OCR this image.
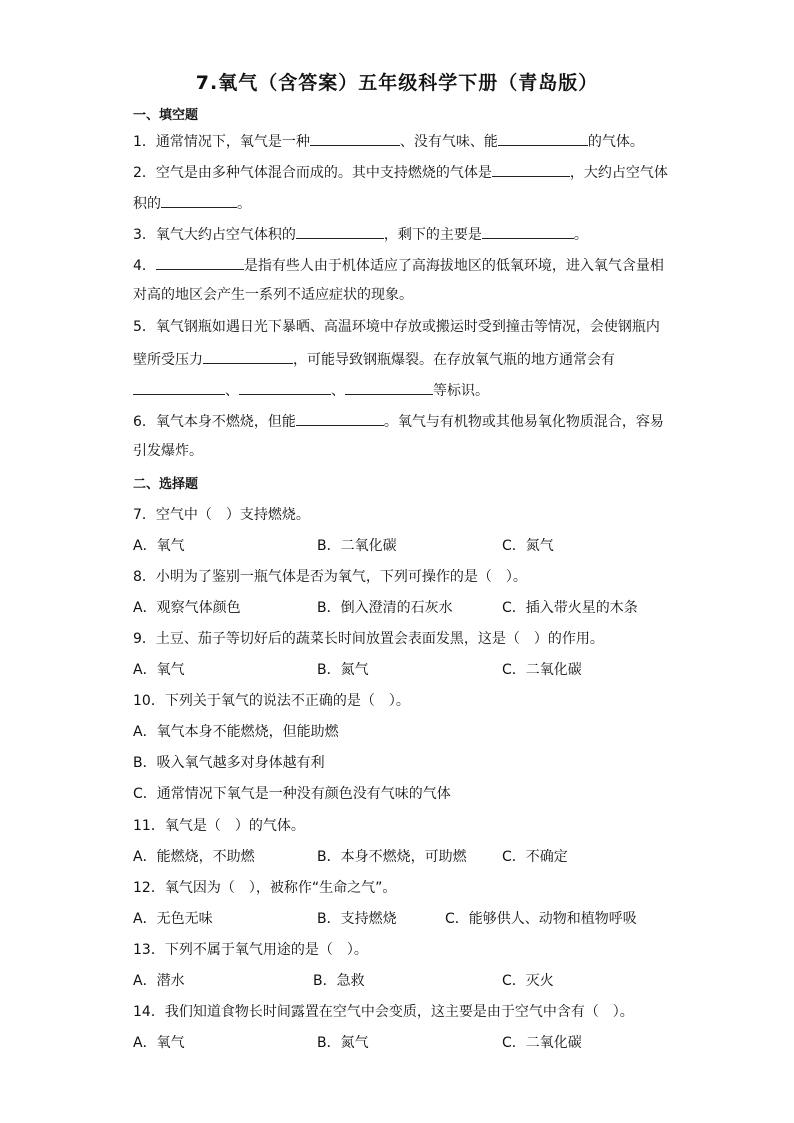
7.氧气（含答案）五年级科学下册（青岛版）
一、填空题
1．通常情况下，氧气是一种	、没有气味、能	的气体。
2．空气是由多种气体混合而成的。其中支持燃烧的气体是	，大约占空气体
积的	。
3．氧气大约占空气体积的	，剩下的主要是	。
4．	是指有些人由于机体适应了高海拔地区的低氧环境，进入氧气含量相
对高的地区会产生一系列不适应症状的现象。
5．氧气钢瓶如遇日光下暴晒、高温环境中存放或搬运时受到撞击等情况，会使钢瓶内
壁所受压力	，可能导致钢瓶爆裂。在存放氧气瓶的地方通常会有
、	、	等标识。
6．氧气本身不燃烧，但能	。氧气与有机物或其他易氧化物质混合，容易
引发爆炸。
二、选择题
7．空气中（　）支持燃烧。
A．氧气	B．二氧化碳	C．氮气
8．小明为了鉴别一瓶气体是否为氧气，下列可操作的是（　）。
A．观察气体颜色	B．倒入澄清的石灰水	C．插入带火星的木条
9．土豆、茄子等切好后的蔬菜长时间放置会表面发黑，这是（　）的作用。
A．氧气	B．氮气	C．二氧化碳
10．下列关于氧气的说法不正确的是（　）。
A．氧气本身不能燃烧，但能助燃
B．吸入氧气越多对身体越有利
C．通常情况下氧气是一种没有颜色没有气味的气体
11．氧气是（　）的气体。
A．能燃烧，不助燃	B．本身不燃烧，可助燃	C．不确定
12．氧气因为（　），被称作“生命之气”。
A．无色无味	B．支持燃烧	C．能够供人、动物和植物呼吸
13．下列不属于氧气用途的是（　）。
A．潜水	B．急救	C．灭火
14．我们知道食物长时间露置在空气中会变质，这主要是由于空气中含有（　）。
A．氧气	B．氮气	C．二氧化碳
